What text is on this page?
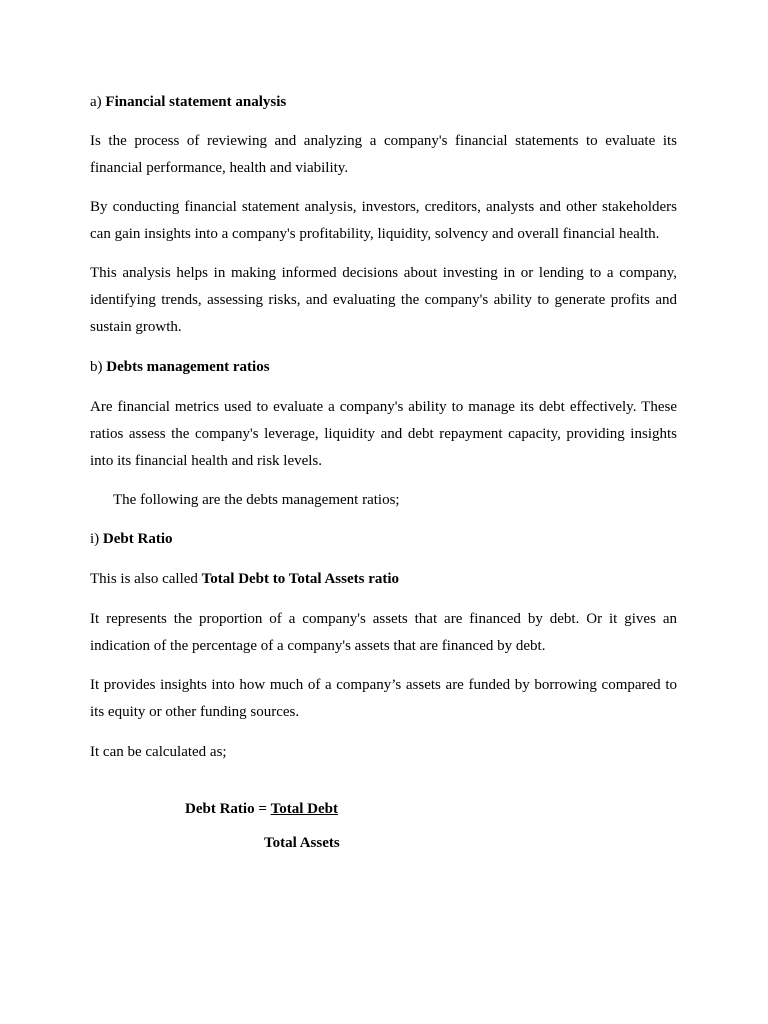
a) Financial statement analysis
Is the process of reviewing and analyzing a company's financial statements to evaluate its
financial performance, health and viability.
By conducting financial statement analysis, investors, creditors, analysts and other stakeholders
can gain insights into a company's profitability, liquidity, solvency and overall financial health.
This analysis helps in making informed decisions about investing in or lending to a company,
identifying trends, assessing risks, and evaluating the company's ability to generate profits and
sustain growth.
b) Debts management ratios
Are financial metrics used to evaluate a company's ability to manage its debt effectively. These
ratios assess the company's leverage, liquidity and debt repayment capacity, providing insights
into its financial health and risk levels.
The following are the debts management ratios;
i) Debt Ratio
This is also called Total Debt to Total Assets ratio
It represents the proportion of a company's assets that are financed by debt. Or it gives an
indication of the percentage of a company's assets that are financed by debt.
It provides insights into how much of a company’s assets are funded by borrowing compared to
its equity or other funding sources.
It can be calculated as;
Debt Ratio = Total Debt
Total Assets
